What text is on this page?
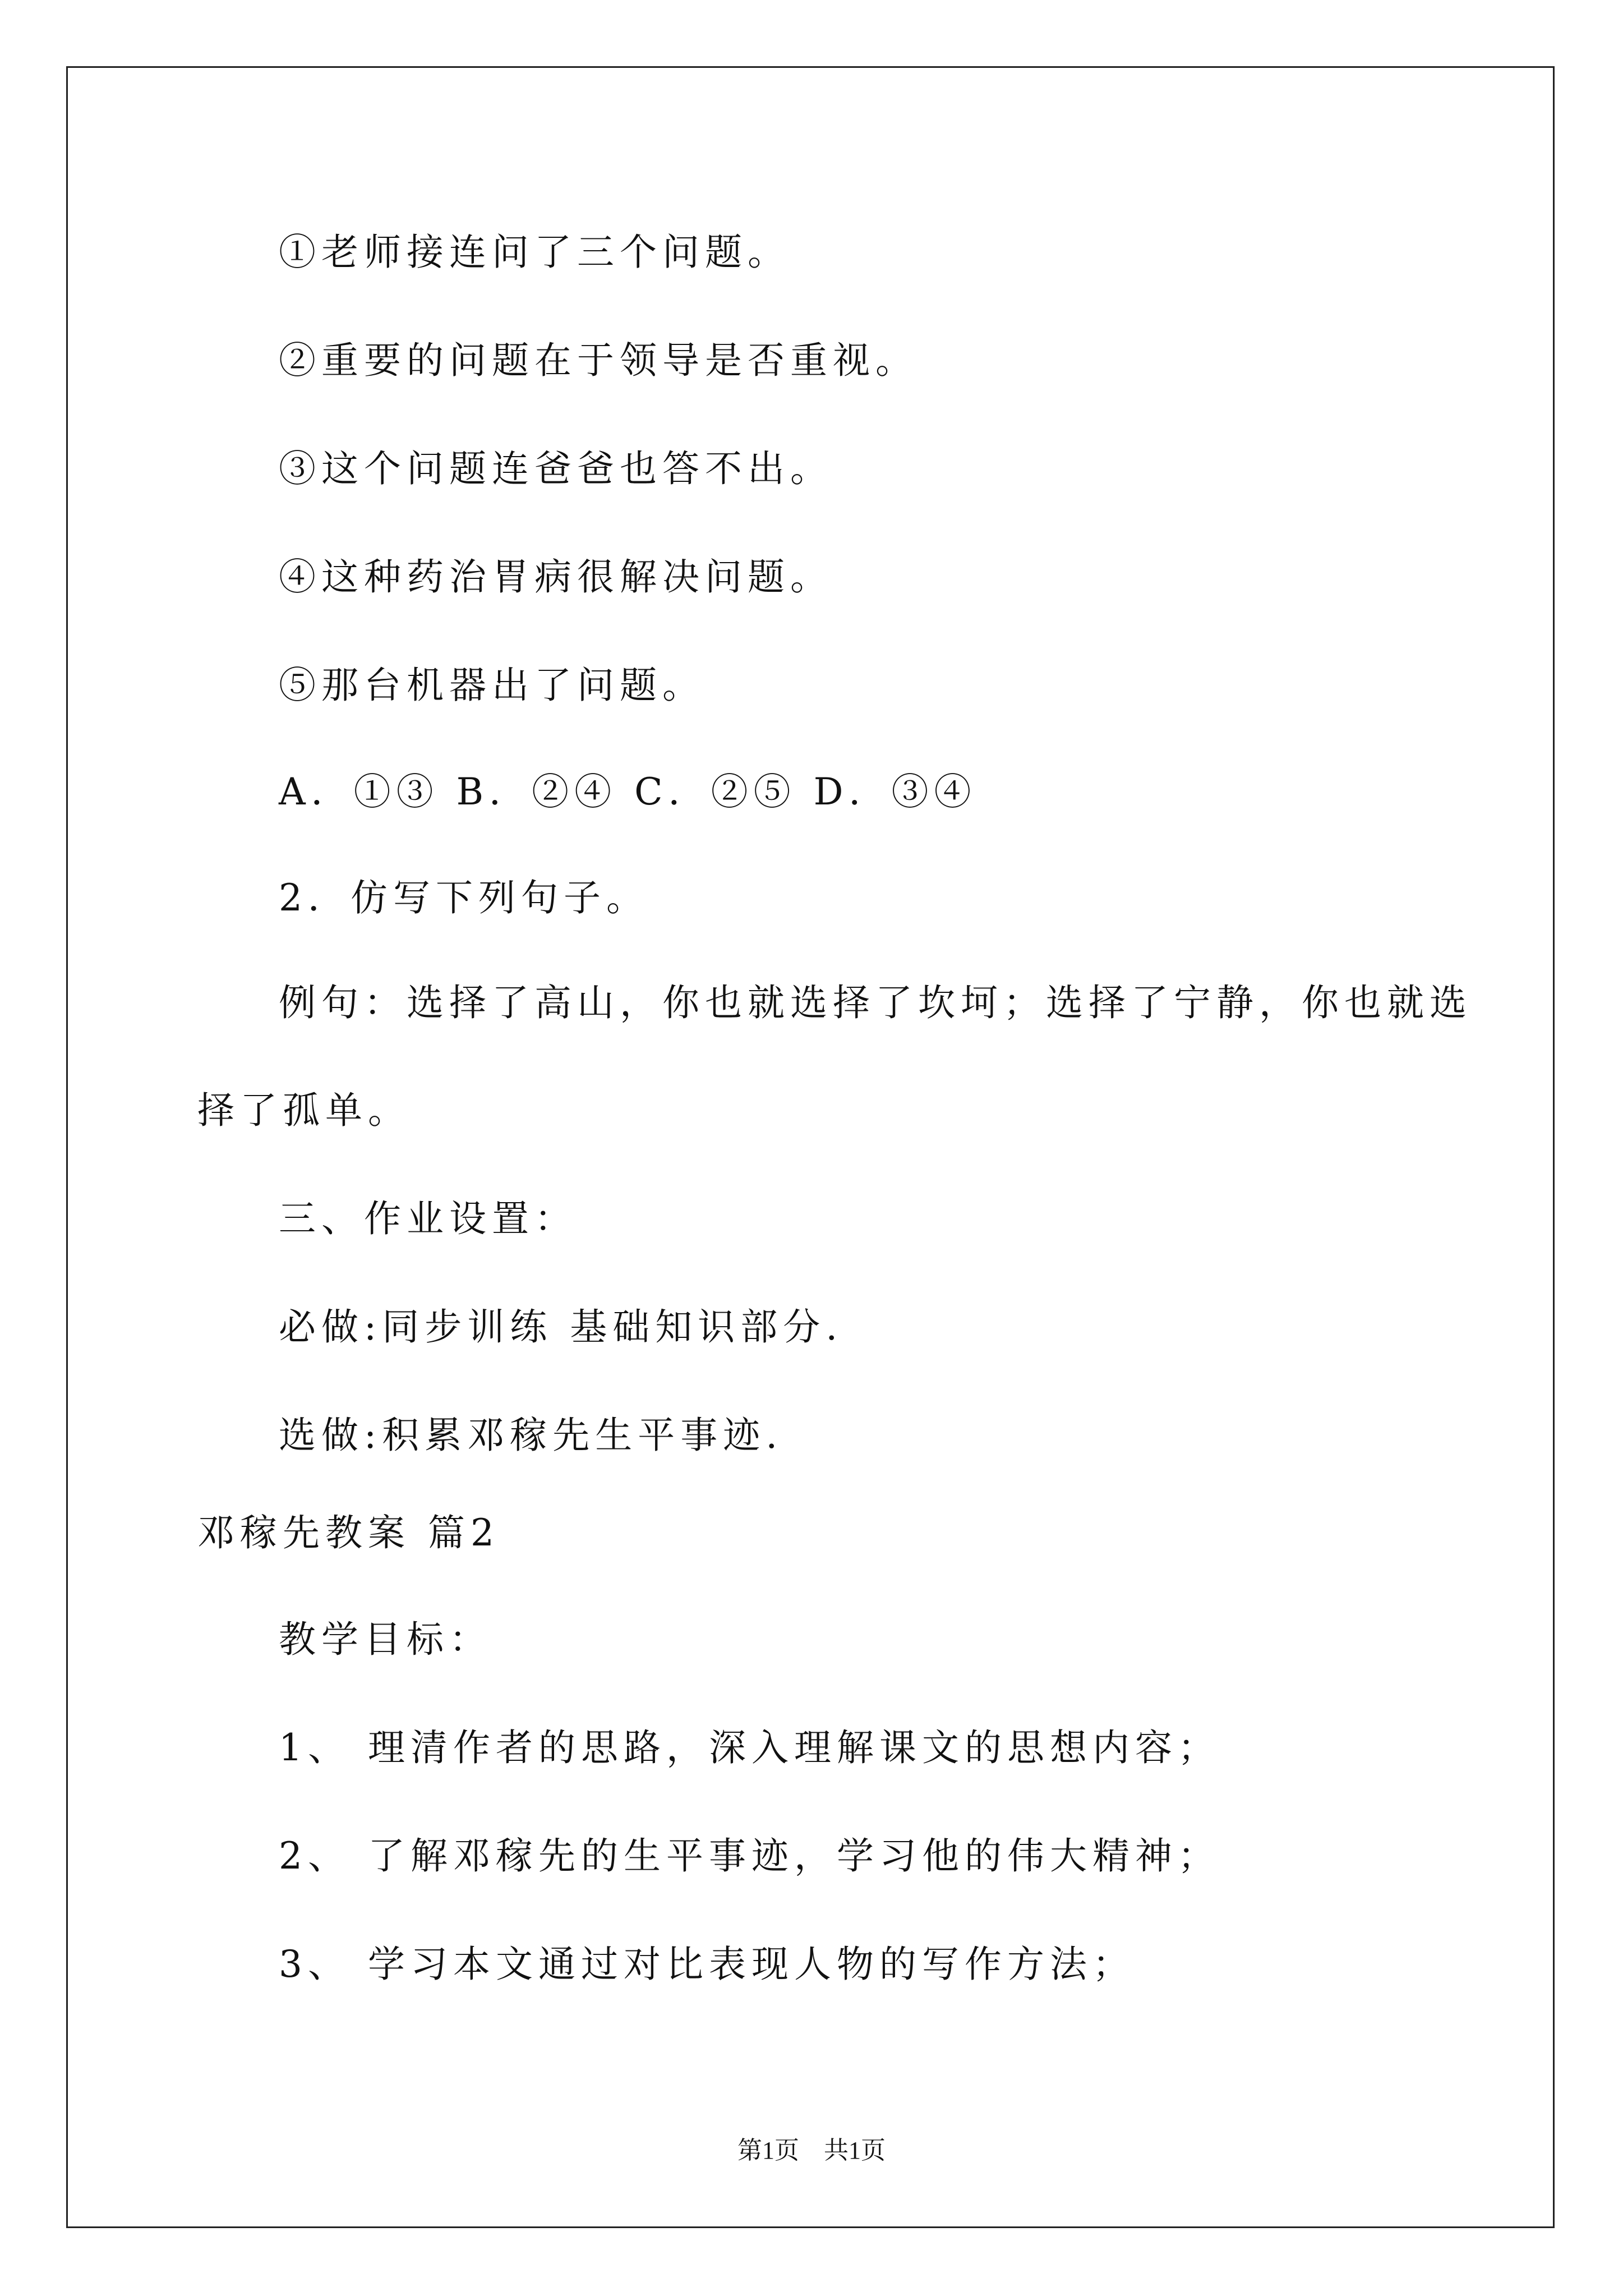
①老师接连问了三个问题。
②重要的问题在于领导是否重视。
③这个问题连爸爸也答不出。
④这种药治胃病很解决问题。
⑤那台机器出了问题。
A．①③ B．②④ C．②⑤ D．③④
2．仿写下列句子。
例句：选择了高山，你也就选择了坎坷；选择了宁静，你也就选
择了孤单。
三、作业设置：
必做:同步训练 基础知识部分.
选做:积累邓稼先生平事迹.
邓稼先教案 篇2
教学目标：
1、 理清作者的思路，深入理解课文的思想内容；
2、 了解邓稼先的生平事迹，学习他的伟大精神；
3、 学习本文通过对比表现人物的写作方法；
第1页 共1页
